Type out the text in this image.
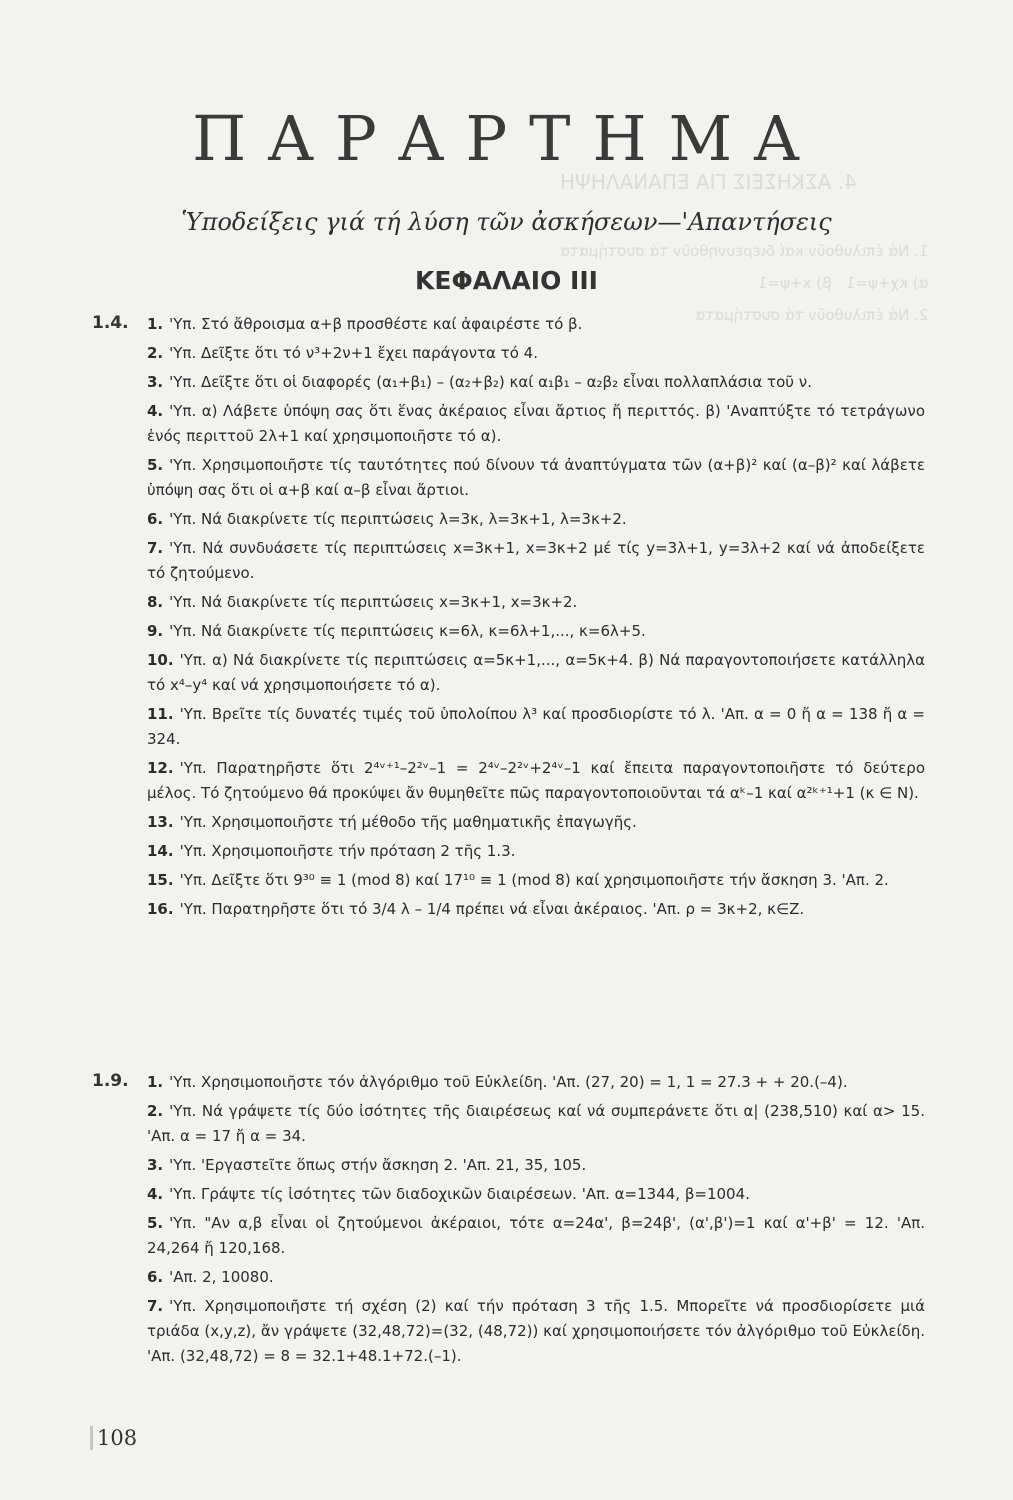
4. ΑΣΚΗΣΕΙΣ ΓΙΑ ΕΠΑΝΑΛΗΨΗ
1. Νά ἐπιλυθοῦν καί διερευνηθοῦν τά συστήματα
α) κχ+ψ=1   β) x+ψ=1
2. Νά ἐπιλυθοῦν τά συστήματα
ΠΑΡΑΡΤΗΜΑ
Ὑποδείξεις γιά τή λύση τῶν ἀσκήσεων—'Απαντήσεις
ΚΕΦΑΛΑΙΟ III
1.4. 1. 'Υπ. Στό ἄθροισμα α+β προσθέστε καί ἀφαιρέστε τό β.
2. 'Υπ. Δεῖξτε ὅτι τό ν³+2ν+1 ἔχει παράγοντα τό 4.
3. 'Υπ. Δεῖξτε ὅτι οἱ διαφορές (α₁+β₁) – (α₂+β₂) καί α₁β₁ – α₂β₂ εἶναι πολλαπλάσια τοῦ ν.
4. 'Υπ. α) Λάβετε ὑπόψη σας ὅτι ἕνας ἀκέραιος εἶναι ἄρτιος ἤ περιττός. β) 'Αναπτύξτε τό τετράγωνο ἑνός περιττοῦ 2λ+1 καί χρησιμοποιῆστε τό α).
5. 'Υπ. Χρησιμοποιῆστε τίς ταυτότητες πού δίνουν τά ἀναπτύγματα τῶν (α+β)² καί (α–β)² καί λάβετε ὑπόψη σας ὅτι οἱ α+β καί α–β εἶναι ἄρτιοι.
6. 'Υπ. Νά διακρίνετε τίς περιπτώσεις λ=3κ, λ=3κ+1, λ=3κ+2.
7. 'Υπ. Νά συνδυάσετε τίς περιπτώσεις x=3κ+1, x=3κ+2 μέ τίς y=3λ+1, y=3λ+2 καί νά ἀποδείξετε τό ζητούμενο.
8. 'Υπ. Νά διακρίνετε τίς περιπτώσεις x=3κ+1, x=3κ+2.
9. 'Υπ. Νά διακρίνετε τίς περιπτώσεις κ=6λ, κ=6λ+1,..., κ=6λ+5.
10. 'Υπ. α) Νά διακρίνετε τίς περιπτώσεις α=5κ+1,..., α=5κ+4. β) Νά παραγοντοποιήσετε κατάλληλα τό x⁴–y⁴ καί νά χρησιμοποιήσετε τό α).
11. 'Υπ. Βρεῖτε τίς δυνατές τιμές τοῦ ὑπολοίπου λ³ καί προσδιορίστε τό λ. 'Απ. α = 0 ἤ α = 138 ἤ α = 324.
12. 'Υπ. Παρατηρῆστε ὅτι 2⁴ᵛ⁺¹–2²ᵛ–1 = 2⁴ᵛ–2²ᵛ+2⁴ᵛ–1 καί ἔπειτα παραγοντοποιῆστε τό δεύτερο μέλος. Τό ζητούμενο θά προκύψει ἄν θυμηθεῖτε πῶς παραγοντοποιοῦνται τά αᵏ–1 καί α²ᵏ⁺¹+1 (κ ∈ N).
13. 'Υπ. Χρησιμοποιῆστε τή μέθοδο τῆς μαθηματικῆς ἐπαγωγῆς.
14. 'Υπ. Χρησιμοποιῆστε τήν πρόταση 2 τῆς 1.3.
15. 'Υπ. Δεῖξτε ὅτι 9³⁰ ≡ 1 (mod 8) καί 17¹⁰ ≡ 1 (mod 8) καί χρησιμοποιῆστε τήν ἄσκηση 3. 'Απ. 2.
16. 'Υπ. Παρατηρῆστε ὅτι τό 3/4 λ – 1/4 πρέπει νά εἶναι ἀκέραιος. 'Απ. ρ = 3κ+2, κ∈Z.
1.9. 1. 'Υπ. Χρησιμοποιῆστε τόν ἀλγόριθμο τοῦ Εὐκλείδη. 'Απ. (27, 20) = 1, 1 = 27.3 + + 20.(–4).
2. 'Υπ. Νά γράψετε τίς δύο ἰσότητες τῆς διαιρέσεως καί νά συμπεράνετε ὅτι α| (238,510) καί α> 15. 'Απ. α = 17 ἤ α = 34.
3. 'Υπ. 'Εργαστεῖτε ὅπως στήν ἄσκηση 2. 'Απ. 21, 35, 105.
4. 'Υπ. Γράψτε τίς ἰσότητες τῶν διαδοχικῶν διαιρέσεων. 'Απ. α=1344, β=1004.
5. 'Υπ. "Αν α,β εἶναι οἱ ζητούμενοι ἀκέραιοι, τότε α=24α', β=24β', (α',β')=1 καί α'+β' = 12. 'Απ. 24,264 ἤ 120,168.
6. 'Απ. 2, 10080.
7. 'Υπ. Χρησιμοποιῆστε τή σχέση (2) καί τήν πρόταση 3 τῆς 1.5. Μπορεῖτε νά προσδιορίσετε μιά τριάδα (x,y,z), ἄν γράψετε (32,48,72)=(32, (48,72)) καί χρησιμοποιήσετε τόν ἀλγόριθμο τοῦ Εὐκλείδη. 'Απ. (32,48,72) = 8 = 32.1+48.1+72.(–1).
108
